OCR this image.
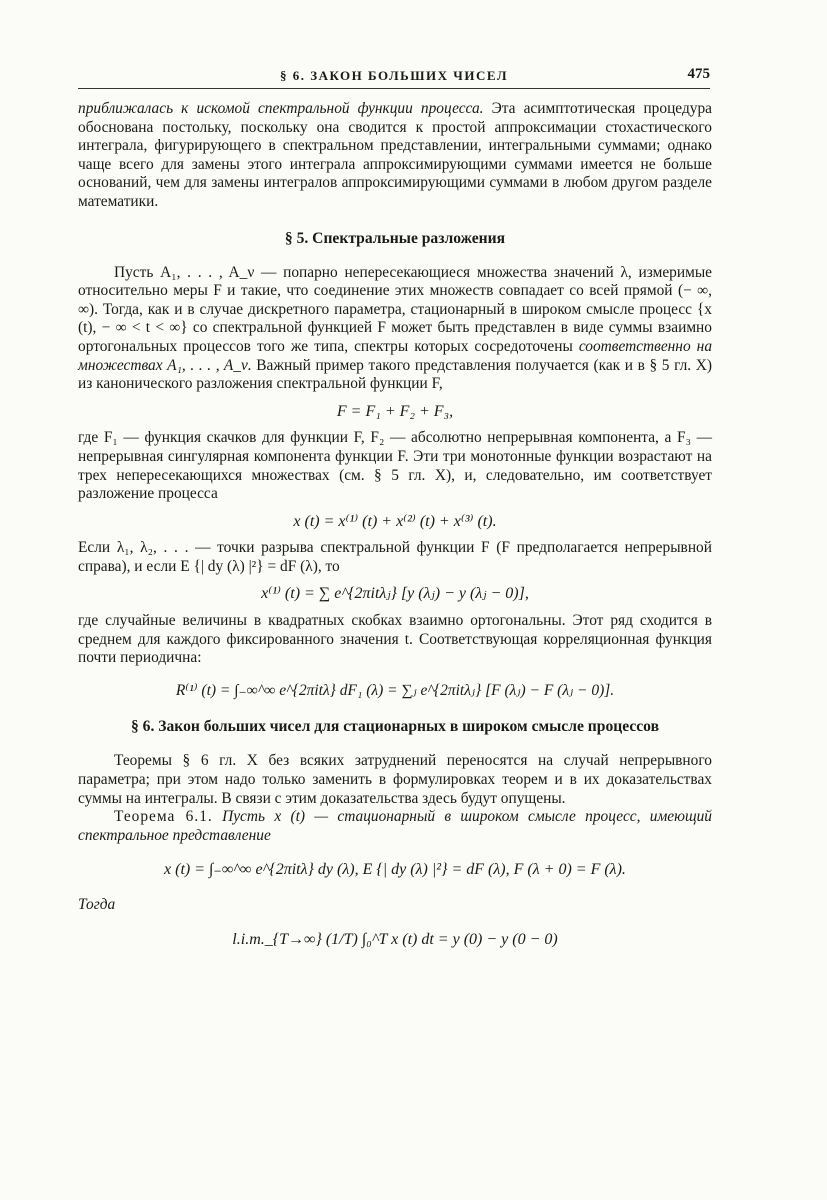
§ 6. ЗАКОН БОЛЬШИХ ЧИСЕЛ	475

приближалась к искомой спектральной функции процесса. Эта асимптотическая процедура обоснована постольку, поскольку она сводится к простой аппроксимации стохастического интеграла, фигурирующего в спектральном представлении, интегральными суммами; однако чаще всего для замены этого интеграла аппроксимирующими суммами имеется не больше оснований, чем для замены интегралов аппроксимирующими суммами в любом другом разделе математики.

§ 5. Спектральные разложения

Пусть A₁, . . . , A_ν — попарно непересекающиеся множества значений λ, измеримые относительно меры F и такие, что соединение этих множеств совпадает со всей прямой (− ∞, ∞). Тогда, как и в случае дискретного параметра, стационарный в широком смысле процесс {x (t), − ∞ < t < ∞} со спектральной функцией F может быть представлен в виде суммы взаимно ортогональных процессов того же типа, спектры которых сосредоточены соответственно на множествах A₁, . . . , A_ν. Важный пример такого представления получается (как и в § 5 гл. X) из канонического разложения спектральной функции F,

F = F₁ + F₂ + F₃,

где F₁ — функция скачков для функции F, F₂ — абсолютно непрерывная компонента, а F₃ — непрерывная сингулярная компонента функции F. Эти три монотонные функции возрастают на трех непересекающихся множествах (см. § 5 гл. X), и, следовательно, им соответствует разложение процесса

x (t) = x⁽¹⁾ (t) + x⁽²⁾ (t) + x⁽³⁾ (t).

Если λ₁, λ₂, . . . — точки разрыва спектральной функции F (F предполагается непрерывной справа), и если E {| dy (λ) |²} = dF (λ), то

x⁽¹⁾ (t) = ∑ e^{2πitλⱼ} [y (λⱼ) − y (λⱼ − 0)],

где случайные величины в квадратных скобках взаимно ортогональны. Этот ряд сходится в среднем для каждого фиксированного значения t. Соответствующая корреляционная функция почти периодична:

R⁽¹⁾ (t) = ∫₋∞^∞ e^{2πitλ} dF₁ (λ) = ∑ⱼ e^{2πitλⱼ} [F (λⱼ) − F (λⱼ − 0)].
§ 6. Закон больших чисел для стационарных в широком смысле процессов

Теоремы § 6 гл. X без всяких затруднений переносятся на случай непрерывного параметра; при этом надо только заменить в формулировках теорем и в их доказательствах суммы на интегралы. В связи с этим доказательства здесь будут опущены.

Теорема 6.1. Пусть x (t) — стационарный в широком смысле процесс, имеющий спектральное представление

x (t) = ∫₋∞^∞ e^{2πitλ} dy (λ), E {| dy (λ) |²} = dF (λ), F (λ + 0) = F (λ).

Тогда

l.i.m._{T→∞} (1/T) ∫₀^T x (t) dt = y (0) − y (0 − 0)
